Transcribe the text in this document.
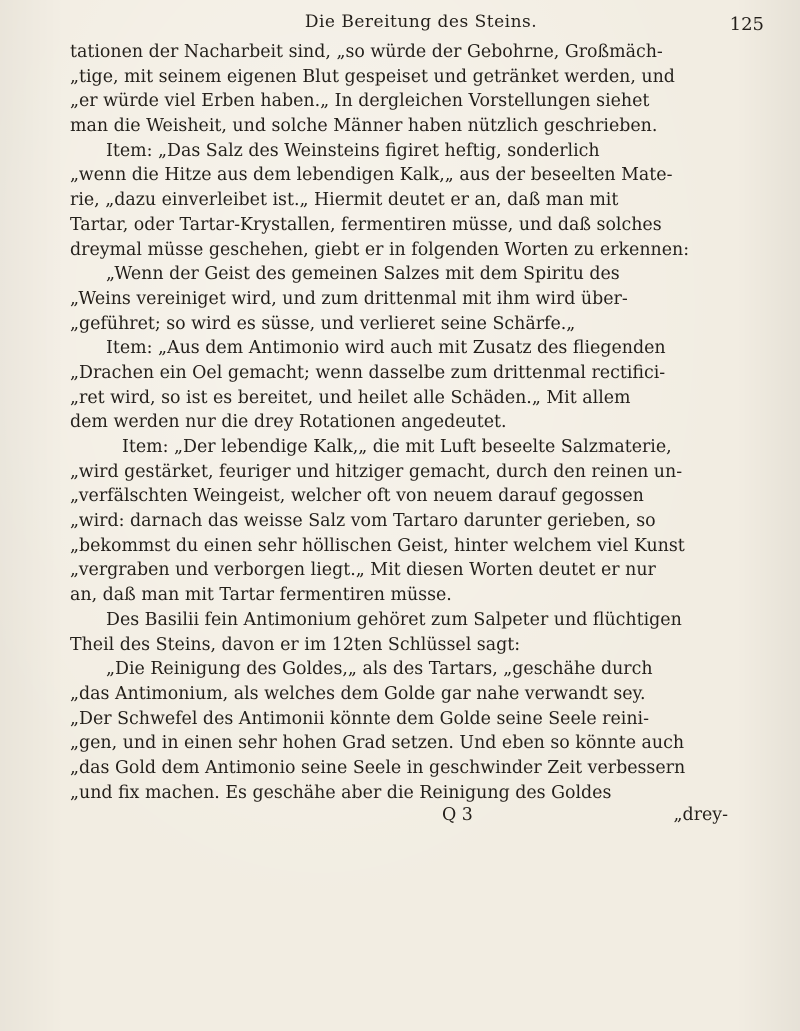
Die Bereitung des Steins.	125
tationen der Nacharbeit sind, „so würde der Gebohrne, Großmäch-
„tige, mit seinem eigenen Blut gespeiset und getränket werden, und
„er würde viel Erben haben.„ In dergleichen Vorstellungen siehet
man die Weisheit, und solche Männer haben nützlich geschrieben.
Item: „Das Salz des Weinsteins figiret heftig, sonderlich
„wenn die Hitze aus dem lebendigen Kalk,„ aus der beseelten Mate-
rie, „dazu einverleibet ist.„ Hiermit deutet er an, daß man mit
Tartar, oder Tartar-Krystallen, fermentiren müsse, und daß solches
dreymal müsse geschehen, giebt er in folgenden Worten zu erkennen:
„Wenn der Geist des gemeinen Salzes mit dem Spiritu des
„Weins vereiniget wird, und zum drittenmal mit ihm wird über-
„geführet; so wird es süsse, und verlieret seine Schärfe.„
Item: „Aus dem Antimonio wird auch mit Zusatz des fliegenden
„Drachen ein Oel gemacht; wenn dasselbe zum drittenmal rectifici-
„ret wird, so ist es bereitet, und heilet alle Schäden.„ Mit allem
dem werden nur die drey Rotationen angedeutet.
Item: „Der lebendige Kalk,„ die mit Luft beseelte Salzmaterie,
„wird gestärket, feuriger und hitziger gemacht, durch den reinen un-
„verfälschten Weingeist, welcher oft von neuem darauf gegossen
„wird: darnach das weisse Salz vom Tartaro darunter gerieben, so
„bekommst du einen sehr höllischen Geist, hinter welchem viel Kunst
„vergraben und verborgen liegt.„ Mit diesen Worten deutet er nur
an, daß man mit Tartar fermentiren müsse.
Des Basilii fein Antimonium gehöret zum Salpeter und flüchtigen
Theil des Steins, davon er im 12ten Schlüssel sagt:
„Die Reinigung des Goldes,„ als des Tartars, „geschähe durch
„das Antimonium, als welches dem Golde gar nahe verwandt sey.
„Der Schwefel des Antimonii könnte dem Golde seine Seele reini-
„gen, und in einen sehr hohen Grad setzen. Und eben so könnte auch
„das Gold dem Antimonio seine Seele in geschwinder Zeit verbessern
„und fix machen. Es geschähe aber die Reinigung des Goldes
Q 3	„drey-
